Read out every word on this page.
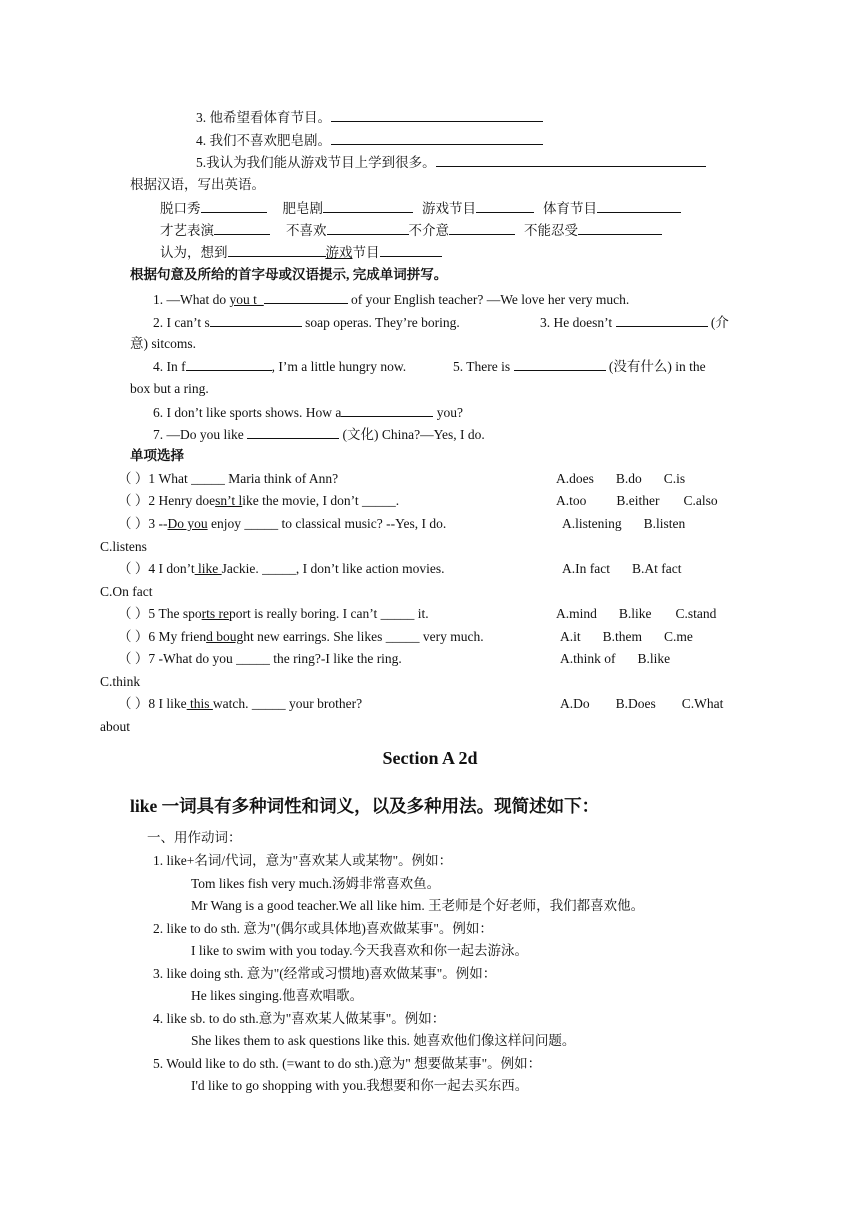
3. 他希望看体育节目。
4. 我们不喜欢肥皂剧。
5.我认为我们能从游戏节目上学到很多。
根据汉语，写出英语。
脱口秀	肥皂剧	游戏节目	体育节目
才艺表演	不喜欢	不介意	不能忍受
认为，想到	游戏节目
根据句意及所给的首字母或汉语提示, 完成单词拼写。
1. —What do you t_	of your English teacher? —We love her very much.
2. I can’t s	soap operas. They’re boring.	3. He doesn’t	(介
意) sitcoms.
4. In f	, I’m a little hungry now.	5. There is	(没有什么) in the
box but a ring.
6. I don’t like sports shows. How a	you?
7. —Do you like	(文化) China?—Yes, I do.
单项选择
（ ）1 What _____ Maria think of Ann?	A.does B.do C.is
（ ）2 Henry doesn’t like the movie, I don’t _____.	A.too B.either C.also
（ ）3 --Do you enjoy _____ to classical music? --Yes, I do.	A.listening B.listen
C.listens
（ ）4 I don’t like Jackie. _____, I don’t like action movies.	A.In fact B.At fact
C.On fact
（ ）5 The sports report is really boring. I can’t _____ it.	A.mind B.like C.stand
（ ）6 My friend bought new earrings. She likes _____ very much.	A.it B.them C.me
（ ）7 -What do you _____ the ring?-I like the ring.	A.think of B.like
C.think
（ ）8 I like this watch. _____ your brother?	A.Do B.Does C.What
about
Section A 2d
like 一词具有多种词性和词义，以及多种用法。现简述如下：
一、用作动词：
1. like+名词/代词，意为"喜欢某人或某物"。例如：
Tom likes fish very much.汤姆非常喜欢鱼。
Mr Wang is a good teacher.We all like him. 王老师是个好老师，我们都喜欢他。
2. like to do sth. 意为"(偶尔或具体地)喜欢做某事"。例如：
I like to swim with you today.今天我喜欢和你一起去游泳。
3. like doing sth. 意为"(经常或习惯地)喜欢做某事"。例如：
He likes singing.他喜欢唱歌。
4. like sb. to do sth.意为"喜欢某人做某事"。例如：
She likes them to ask questions like this. 她喜欢他们像这样问问题。
5. Would like to do sth. (=want to do sth.)意为" 想要做某事"。例如：
I'd like to go shopping with you.我想要和你一起去买东西。
